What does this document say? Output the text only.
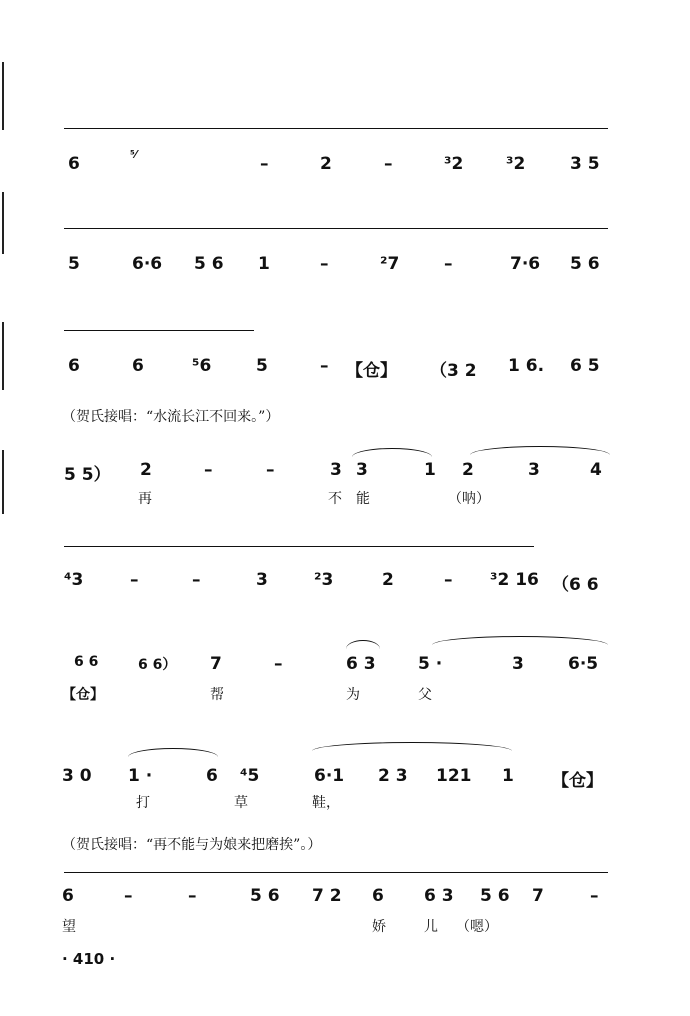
6	⁵⁄	–	2	–	³2	³2	3 5
5	6·6 5 6 1	–	²7	–	7·6 5 6
6	6	⁵6	5	– 【仓】 （3 2 1 6. 6 5
（贺氏接唱：“水流长江不回来。”）
5 5） 2	–	–	3 3	1 2	3	4
再	不 能	（呐）
⁴3	–	–	3	²3	2	– ³2 16 （6 6
6 6	6 6） 7	–	6 3 5 ·	3	6·5
【仓】	帮	为	父
3 0 1 ·	6 ⁴5	6·1 2 3 121 1 【仓】
打	草	鞋，
（贺氏接唱：“再不能与为娘来把磨挨”。）
6	–	–	5 6 7 2 6 6 3 5 6 7	–
望	娇	儿 （嗯）
· 410 ·
